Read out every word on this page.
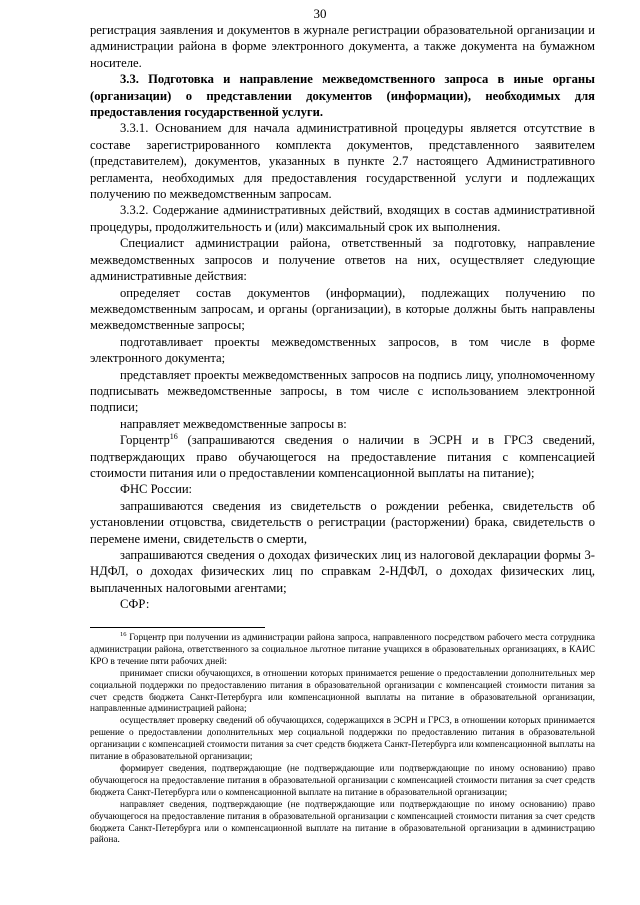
30

регистрация заявления и документов в журнале регистрации образовательной организации и администрации района в форме электронного документа, а также документа на бумажном носителе.

3.3. Подготовка и направление межведомственного запроса в иные органы (организации) о представлении документов (информации), необходимых для предоставления государственной услуги.

3.3.1. Основанием для начала административной процедуры является отсутствие в составе зарегистрированного комплекта документов, представленного заявителем (представителем), документов, указанных в пункте 2.7 настоящего Административного регламента, необходимых для предоставления государственной услуги и подлежащих получению по межведомственным запросам.

3.3.2. Содержание административных действий, входящих в состав административной процедуры, продолжительность и (или) максимальный срок их выполнения.

Специалист администрации района, ответственный за подготовку, направление межведомственных запросов и получение ответов на них, осуществляет следующие административные действия:

определяет состав документов (информации), подлежащих получению по межведомственным запросам, и органы (организации), в которые должны быть направлены межведомственные запросы;

подготавливает проекты межведомственных запросов, в том числе в форме электронного документа;

представляет проекты межведомственных запросов на подпись лицу, уполномоченному подписывать межведомственные запросы, в том числе с использованием электронной подписи;

направляет межведомственные запросы в:

Горцентр$^{16}$ (запрашиваются сведения о наличии в ЭСРН и в ГРСЗ сведений, подтверждающих право обучающегося на предоставление питания с компенсацией стоимости питания или о предоставлении компенсационной выплаты на питание);

ФНС России:

запрашиваются сведения из свидетельств о рождении ребенка, свидетельств об установлении отцовства, свидетельств о регистрации (расторжении) брака, свидетельств о перемене имени, свидетельств о смерти,

запрашиваются сведения о доходах физических лиц из налоговой декларации формы 3-НДФЛ, о доходах физических лиц по справкам 2-НДФЛ, о доходах физических лиц, выплаченных налоговыми агентами;

СФР:

$^{16}$ Горцентр при получении из администрации района запроса, направленного посредством рабочего места сотрудника администрации района, ответственного за социальное льготное питание учащихся в образовательных организациях, в КАИС КРО в течение пяти рабочих дней:

принимает списки обучающихся, в отношении которых принимается решение о предоставлении дополнительных мер социальной поддержки по предоставлению питания в образовательной организации с компенсацией стоимости питания за счет средств бюджета Санкт-Петербурга или компенсационной выплаты на питание в образовательной организации, направленные администрацией района;

осуществляет проверку сведений об обучающихся, содержащихся в ЭСРН и ГРСЗ, в отношении которых принимается решение о предоставлении дополнительных мер социальной поддержки по предоставлению питания в образовательной организации с компенсацией стоимости питания за счет средств бюджета Санкт-Петербурга или компенсационной выплаты на питание в образовательной организации;

формирует сведения, подтверждающие (не подтверждающие или подтверждающие по иному основанию) право обучающегося на предоставление питания в образовательной организации с компенсацией стоимости питания за счет средств бюджета Санкт-Петербурга или о компенсационной выплате на питание в образовательной организации;

направляет сведения, подтверждающие (не подтверждающие или подтверждающие по иному основанию) право обучающегося на предоставление питания в образовательной организации с компенсацией стоимости питания за счет средств бюджета Санкт-Петербурга или о компенсационной выплате на питание в образовательной организации в администрацию района.
